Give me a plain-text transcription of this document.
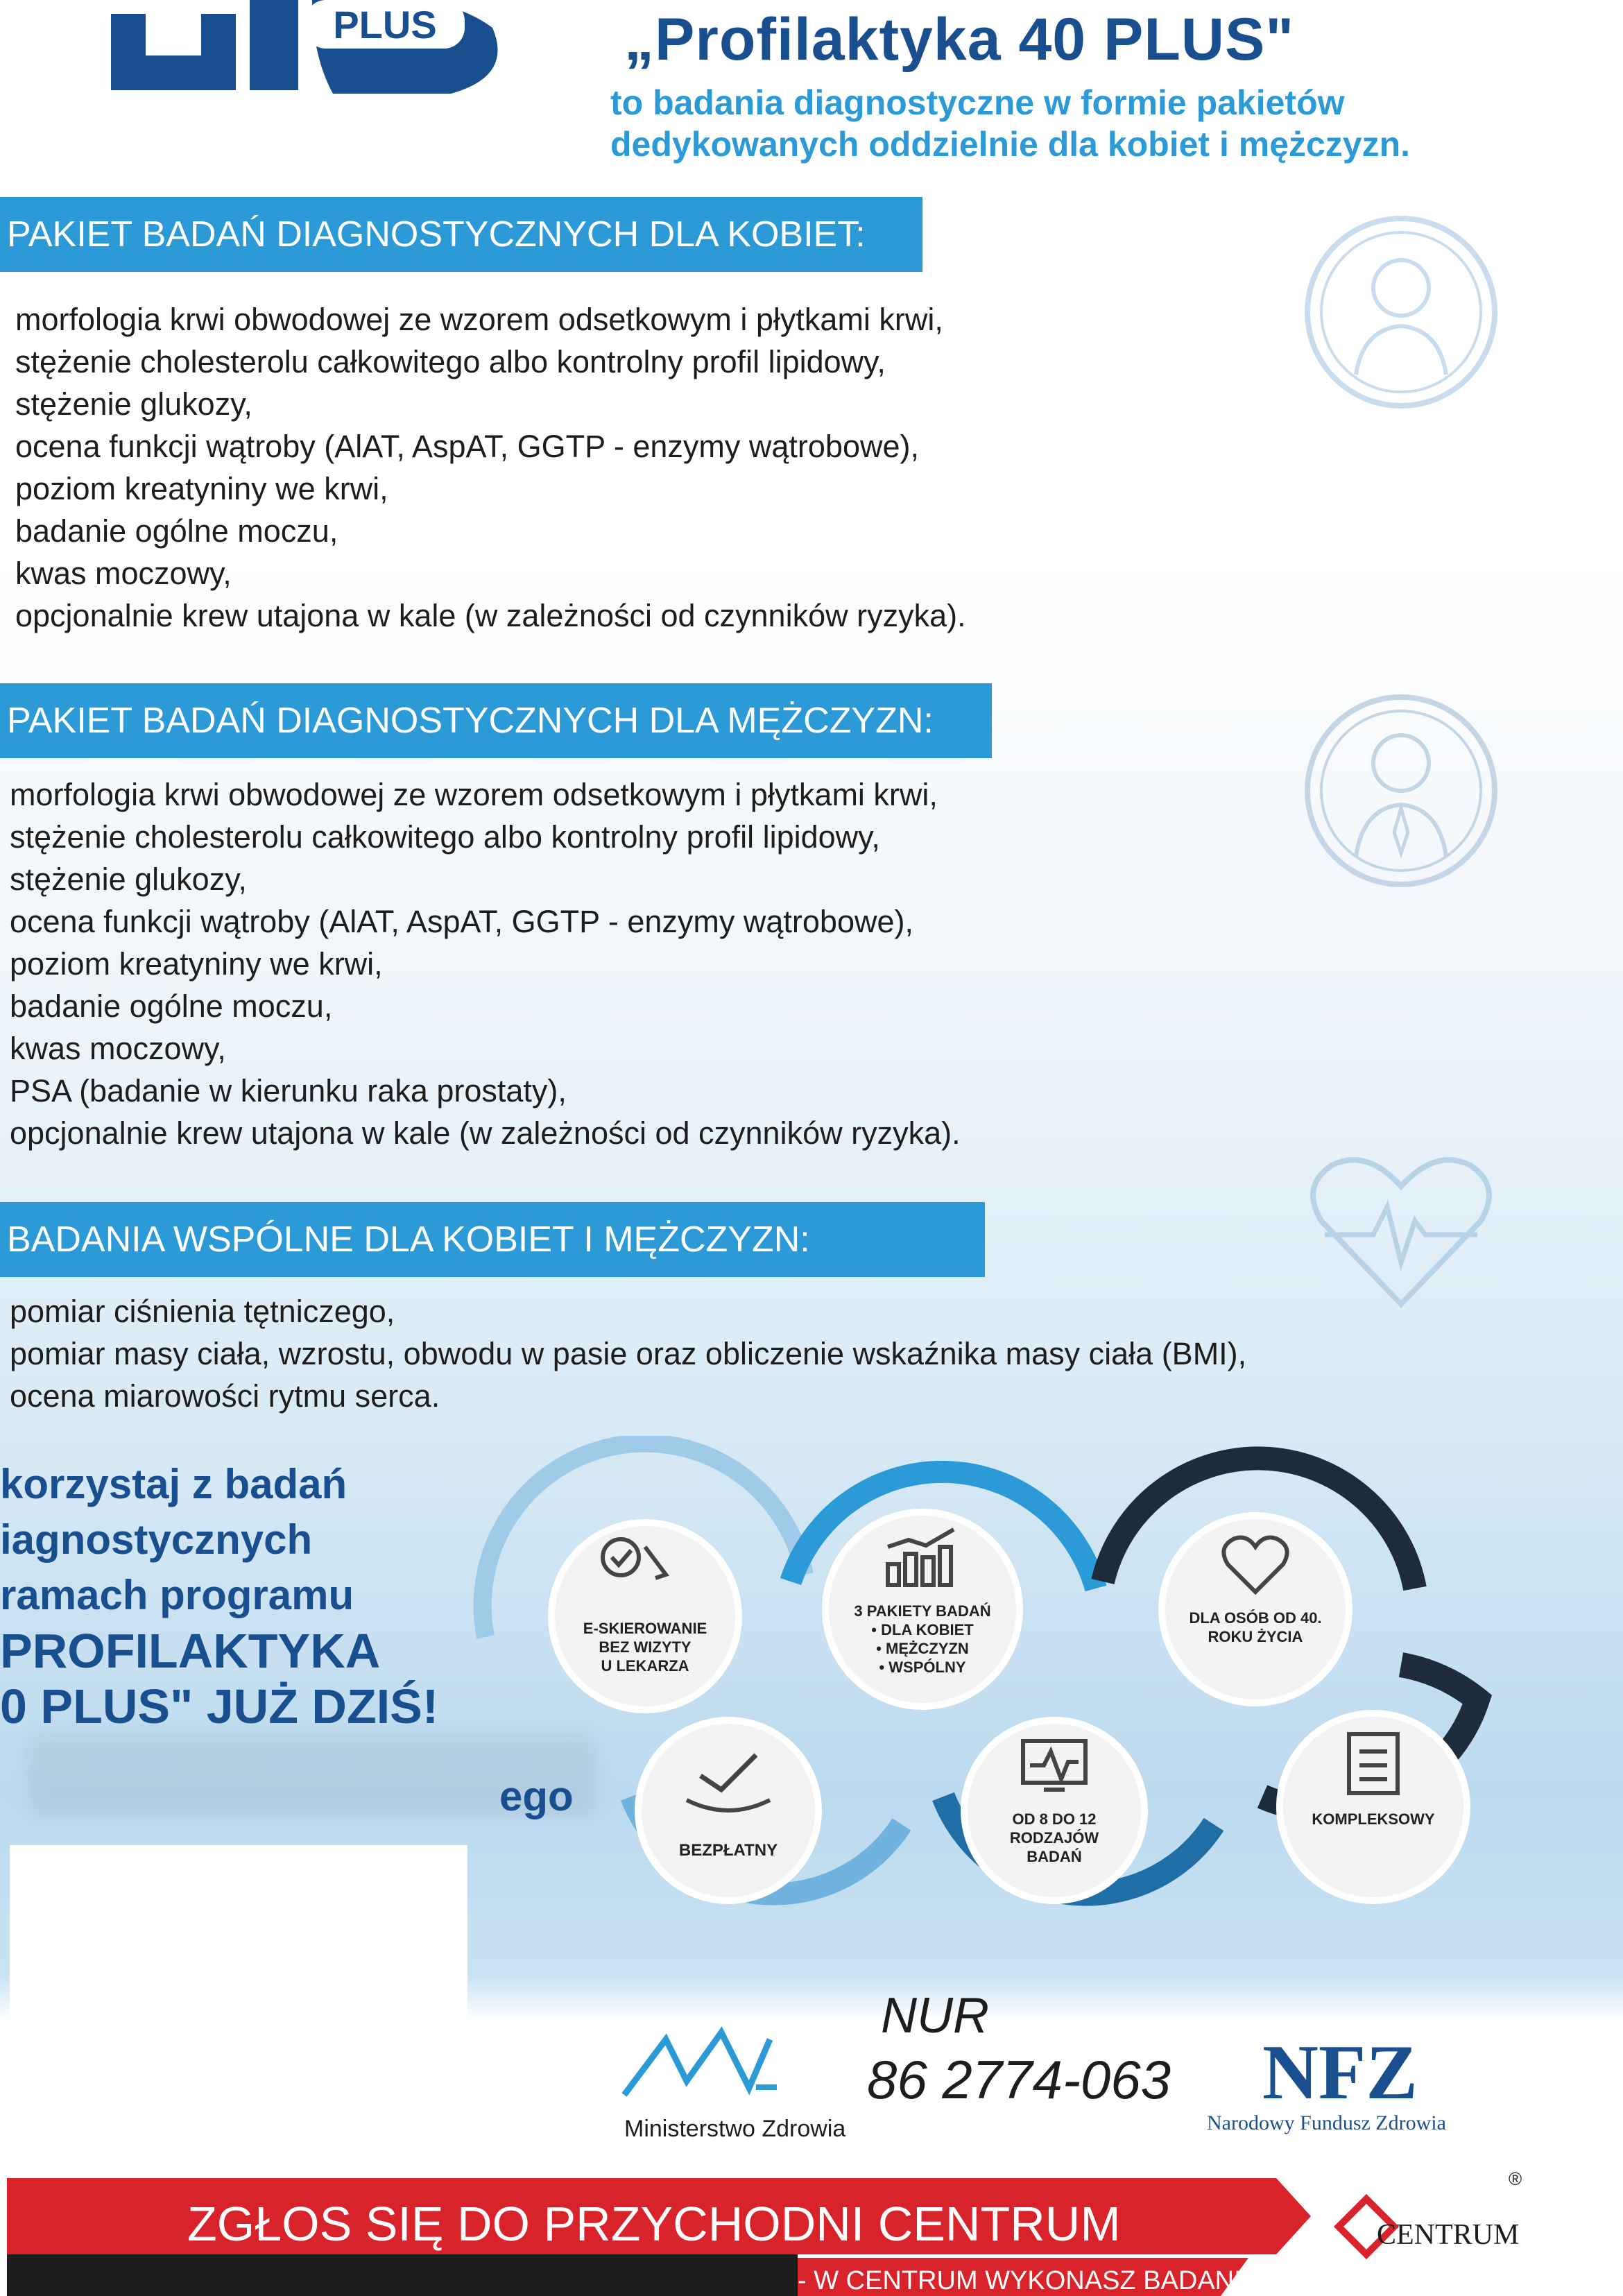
PLUS	„Profilaktyka 40 PLUS"
to badania diagnostyczne w formie pakietów
dedykowanych oddzielnie dla kobiet i mężczyzn.
PAKIET BADAŃ DIAGNOSTYCZNYCH DLA KOBIET:
morfologia krwi obwodowej ze wzorem odsetkowym i płytkami krwi,
stężenie cholesterolu całkowitego albo kontrolny profil lipidowy,
stężenie glukozy,
ocena funkcji wątroby (AlAT, AspAT, GGTP - enzymy wątrobowe),
poziom kreatyniny we krwi,
badanie ogólne moczu,
kwas moczowy,
opcjonalnie krew utajona w kale (w zależności od czynników ryzyka).
PAKIET BADAŃ DIAGNOSTYCZNYCH DLA MĘŻCZYZN:
morfologia krwi obwodowej ze wzorem odsetkowym i płytkami krwi,
stężenie cholesterolu całkowitego albo kontrolny profil lipidowy,
stężenie glukozy,
ocena funkcji wątroby (AlAT, AspAT, GGTP - enzymy wątrobowe),
poziom kreatyniny we krwi,
badanie ogólne moczu,
kwas moczowy,
PSA (badanie w kierunku raka prostaty),
opcjonalnie krew utajona w kale (w zależności od czynników ryzyka).
BADANIA WSPÓLNE DLA KOBIET I MĘŻCZYZN:
pomiar ciśnienia tętniczego,
pomiar masy ciała, wzrostu, obwodu w pasie oraz obliczenie wskaźnika masy ciała (BMI),
ocena miarowości rytmu serca.
korzystaj z badań
iagnostycznych
ramach programu
PROFILAKTYKA
0 PLUS" JUŻ DZIŚ!
ego
E-SKIEROWANIE
BEZ WIZYTY
U LEKARZA
BEZPŁATNY
3 PAKIETY BADAŃ
• DLA KOBIET
• MĘŻCZYZN
• WSPÓLNY
OD 8 DO 12
RODZAJÓW
BADAŃ
DLA OSÓB OD 40.
ROKU ŻYCIA
KOMPLEKSOWY
Ministerstwo Zdrowia
NUR
86 2774-063 NFZ
Narodowy Fundusz Zdrowia
ZGŁOS SIĘ DO PRZYCHODNI CENTRUM
- W CENTRUM WYKONASZ BADANIE KRWI
CENTRUM
®
